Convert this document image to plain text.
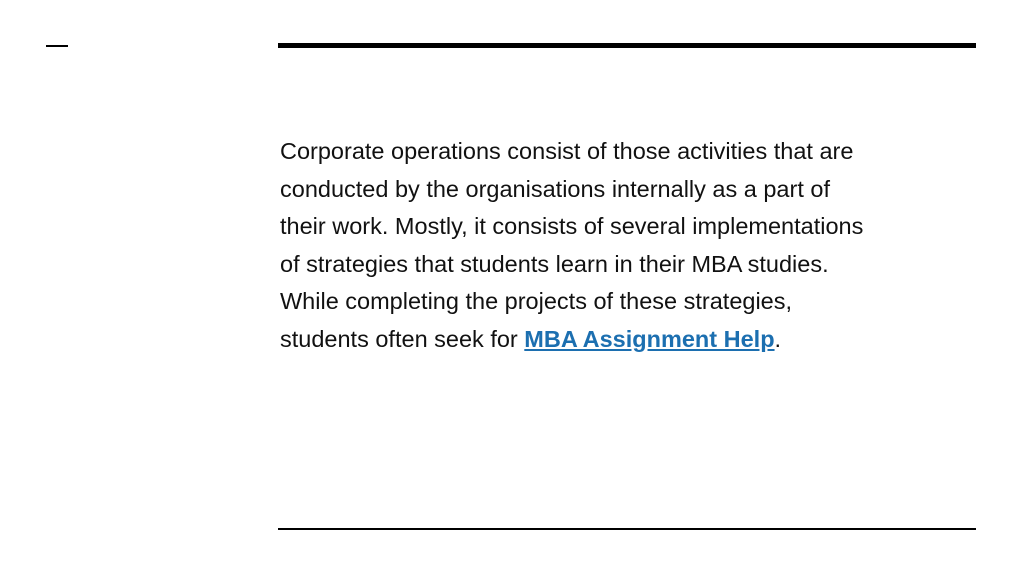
Corporate operations consist of those activities that are
conducted by the organisations internally as a part of
their work. Mostly, it consists of several implementations
of strategies that students learn in their MBA studies.
While completing the projects of these strategies,
students often seek for MBA Assignment Help.
